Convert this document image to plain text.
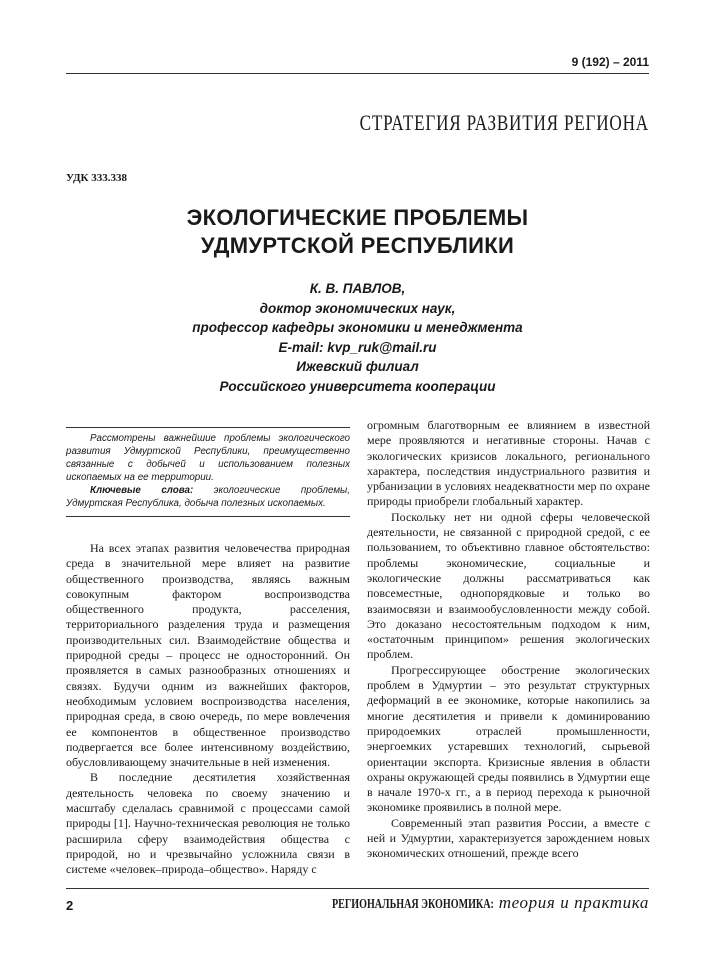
9 (192) – 2011
СТРАТЕГИЯ РАЗВИТИЯ РЕГИОНА
УДК 333.338
ЭКОЛОГИЧЕСКИЕ ПРОБЛЕМЫ
УДМУРТСКОЙ РЕСПУБЛИКИ
К. В. ПАВЛОВ,
доктор экономических наук,
профессор кафедры экономики и менеджмента
E-mail: kvp_ruk@mail.ru
Ижевский филиал
Российского университета кооперации

Рассмотрены важнейшие проблемы экологического развития Удмуртской Республики, преимущественно связанные с добычей и использованием полезных ископаемых на ее территории.

Ключевые слова: экологические проблемы, Удмуртская Республика, добыча полезных ископаемых.

На всех этапах развития человечества природная среда в значительной мере влияет на развитие общественного производства, являясь важным совокупным фактором воспроизводства общественного продукта, расселения, территориального разделения труда и размещения производительных сил. Взаимодействие общества и природной среды – процесс не односторонний. Он проявляется в самых разнообразных отношениях и связях. Будучи одним из важнейших факторов, необходимым условием воспроизводства населения, природная среда, в свою очередь, по мере вовлечения ее компонентов в общественное производство подвергается все более интенсивному воздействию, обусловливающему значительные в ней изменения.

В последние десятилетия хозяйственная деятельность человека по своему значению и масштабу сделалась сравнимой с процессами самой природы [1]. Научно-техническая революция не только расширила сферу взаимодействия общества с природой, но и чрезвычайно усложнила связи в системе «человек–природа–общество». Наряду с

огромным благотворным ее влиянием в известной мере проявляются и негативные стороны. Начав с экологических кризисов локального, регионального характера, последствия индустриального развития и урбанизации в условиях неадекватности мер по охране природы приобрели глобальный характер.

Поскольку нет ни одной сферы человеческой деятельности, не связанной с природной средой, с ее пользованием, то объективно главное обстоятельство: проблемы экономические, социальные и экологические должны рассматриваться как повсеместные, однопорядковые и только во взаимосвязи и взаимообусловленности между собой. Это доказано несостоятельным подходом к ним, «остаточным принципом» решения экологических проблем.

Прогрессирующее обострение экологических проблем в Удмуртии – это результат структурных деформаций в ее экономике, которые накопились за многие десятилетия и привели к доминированию природоемких отраслей промышленности, энергоемких устаревших технологий, сырьевой ориентации экспорта. Кризисные явления в области охраны окружающей среды появились в Удмуртии еще в начале 1970-х гг., а в период перехода к рыночной экономике проявились в полной мере.

Современный этап развития России, а вместе с ней и Удмуртии, характеризуется зарождением новых экономических отношений, прежде всего

2	РЕГИОНАЛЬНАЯ ЭКОНОМИКА: теория и практика
